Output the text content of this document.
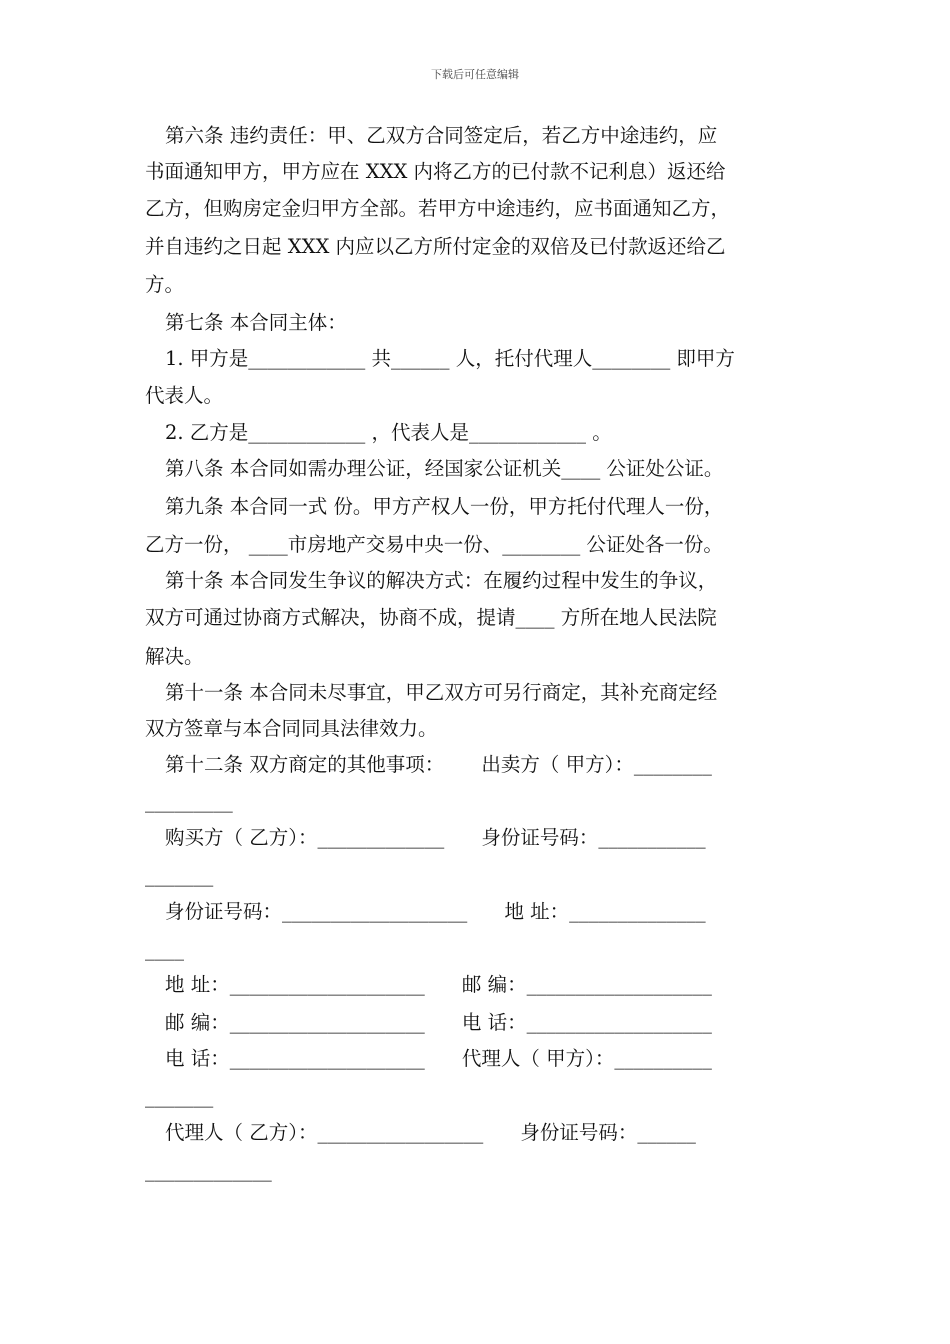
下载后可任意编辑
第六条 违约责任：甲、乙双方合同签定后，若乙方中途违约，应
书面通知甲方，甲方应在 XXX 内将乙方的已付款不记利息）返还给
乙方，但购房定金归甲方全部。若甲方中途违约，应书面通知乙方，
并自违约之日起 XXX 内应以乙方所付定金的双倍及已付款返还给乙
方。
第七条 本合同主体：
1. 甲方是____________ 共______ 人，托付代理人________ 即甲方
代表人。
2. 乙方是____________ ，代表人是____________ 。
第八条 本合同如需办理公证，经国家公证机关____ 公证处公证。
第九条 本合同一式 份。甲方产权人一份，甲方托付代理人一份，
乙方一份， ____市房地产交易中央一份、________ 公证处各一份。
第十条 本合同发生争议的解决方式：在履约过程中发生的争议，
双方可通过协商方式解决，协商不成，提请____ 方所在地人民法院
解决。
第十一条 本合同未尽事宜，甲乙双方可另行商定，其补充商定经
双方签章与本合同同具法律效力。
第十二条 双方商定的其他事项：      出卖方（ 甲方）：________
_________
购买方（ 乙方）：_____________      身份证号码：___________
_______
身份证号码：___________________      地 址：______________
____
地 址：____________________      邮 编：___________________
邮 编：____________________      电 话：___________________
电 话：____________________      代理人（ 甲方）：__________
_______
代理人（ 乙方）：_________________      身份证号码：______
_____________
